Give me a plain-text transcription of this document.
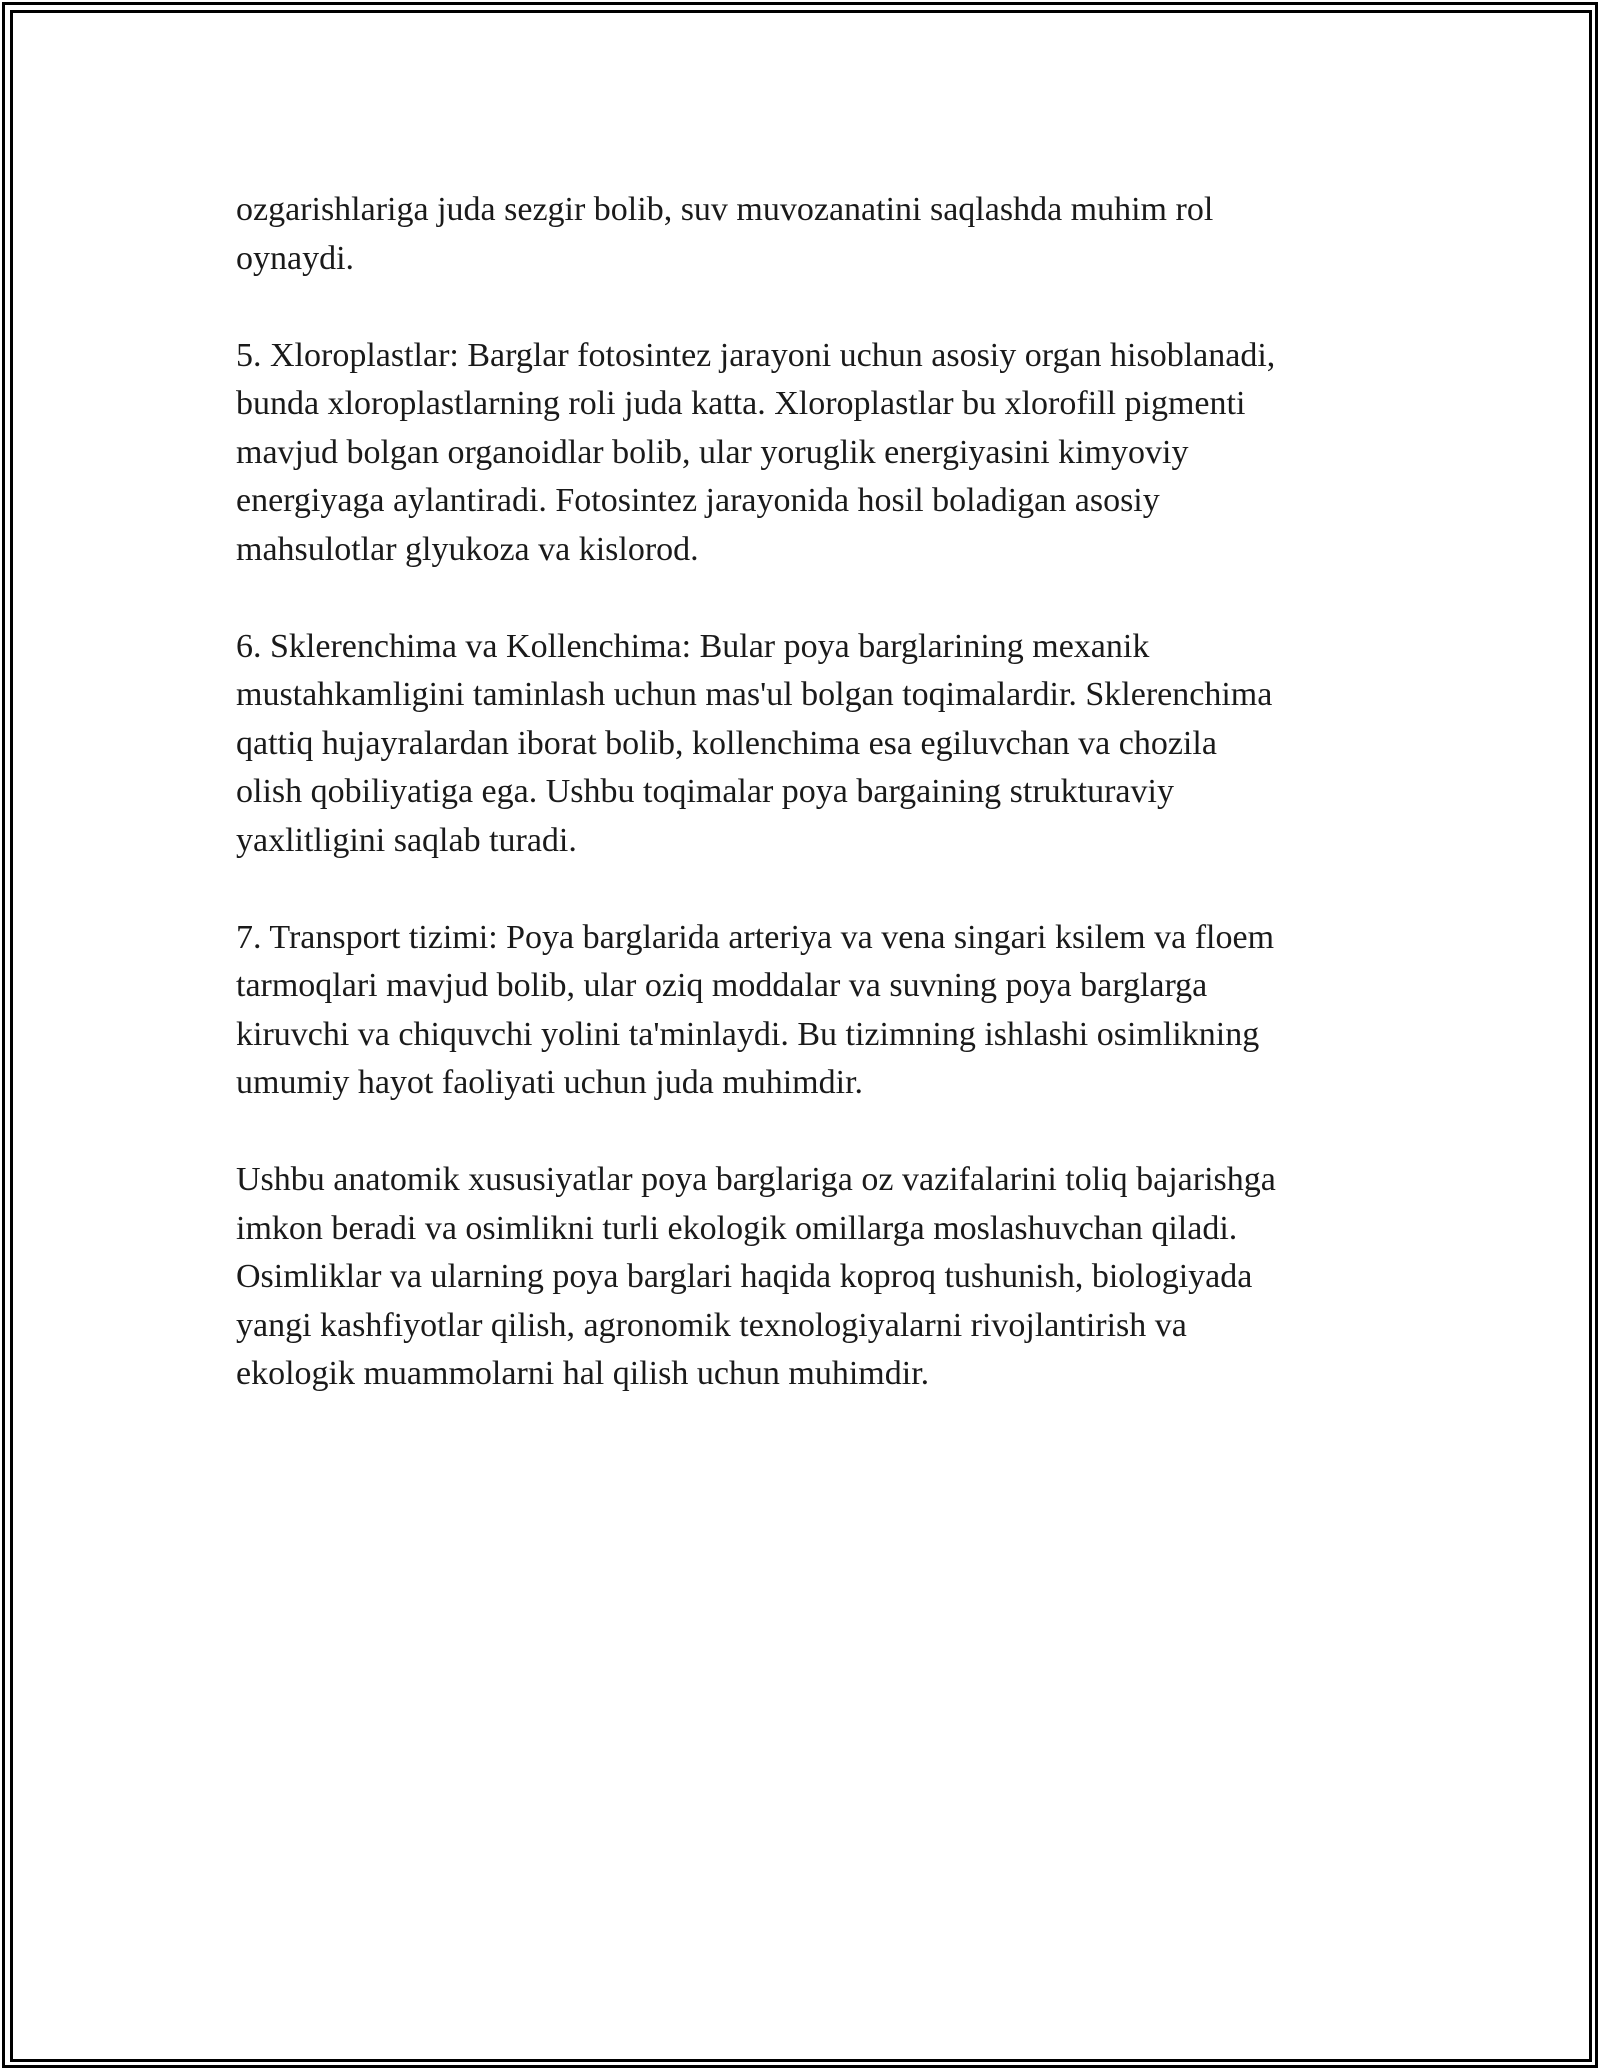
ozgarishlariga juda sezgir bolib, suv muvozanatini saqlashda muhim rol
oynaydi.

5. Xloroplastlar: Barglar fotosintez jarayoni uchun asosiy organ hisoblanadi,
bunda xloroplastlarning roli juda katta. Xloroplastlar bu xlorofill pigmenti
mavjud bolgan organoidlar bolib, ular yoruglik energiyasini kimyoviy
energiyaga aylantiradi. Fotosintez jarayonida hosil boladigan asosiy
mahsulotlar glyukoza va kislorod.

6. Sklerenchima va Kollenchima: Bular poya barglarining mexanik
mustahkamligini taminlash uchun mas'ul bolgan toqimalardir. Sklerenchima
qattiq hujayralardan iborat bolib, kollenchima esa egiluvchan va chozila
olish qobiliyatiga ega. Ushbu toqimalar poya bargaining strukturaviy
yaxlitligini saqlab turadi.

7. Transport tizimi: Poya barglarida arteriya va vena singari ksilem va floem
tarmoqlari mavjud bolib, ular oziq moddalar va suvning poya barglarga
kiruvchi va chiquvchi yolini ta'minlaydi. Bu tizimning ishlashi osimlikning
umumiy hayot faoliyati uchun juda muhimdir.

Ushbu anatomik xususiyatlar poya barglariga oz vazifalarini toliq bajarishga
imkon beradi va osimlikni turli ekologik omillarga moslashuvchan qiladi.
Osimliklar va ularning poya barglari haqida koproq tushunish, biologiyada
yangi kashfiyotlar qilish, agronomik texnologiyalarni rivojlantirish va
ekologik muammolarni hal qilish uchun muhimdir.
